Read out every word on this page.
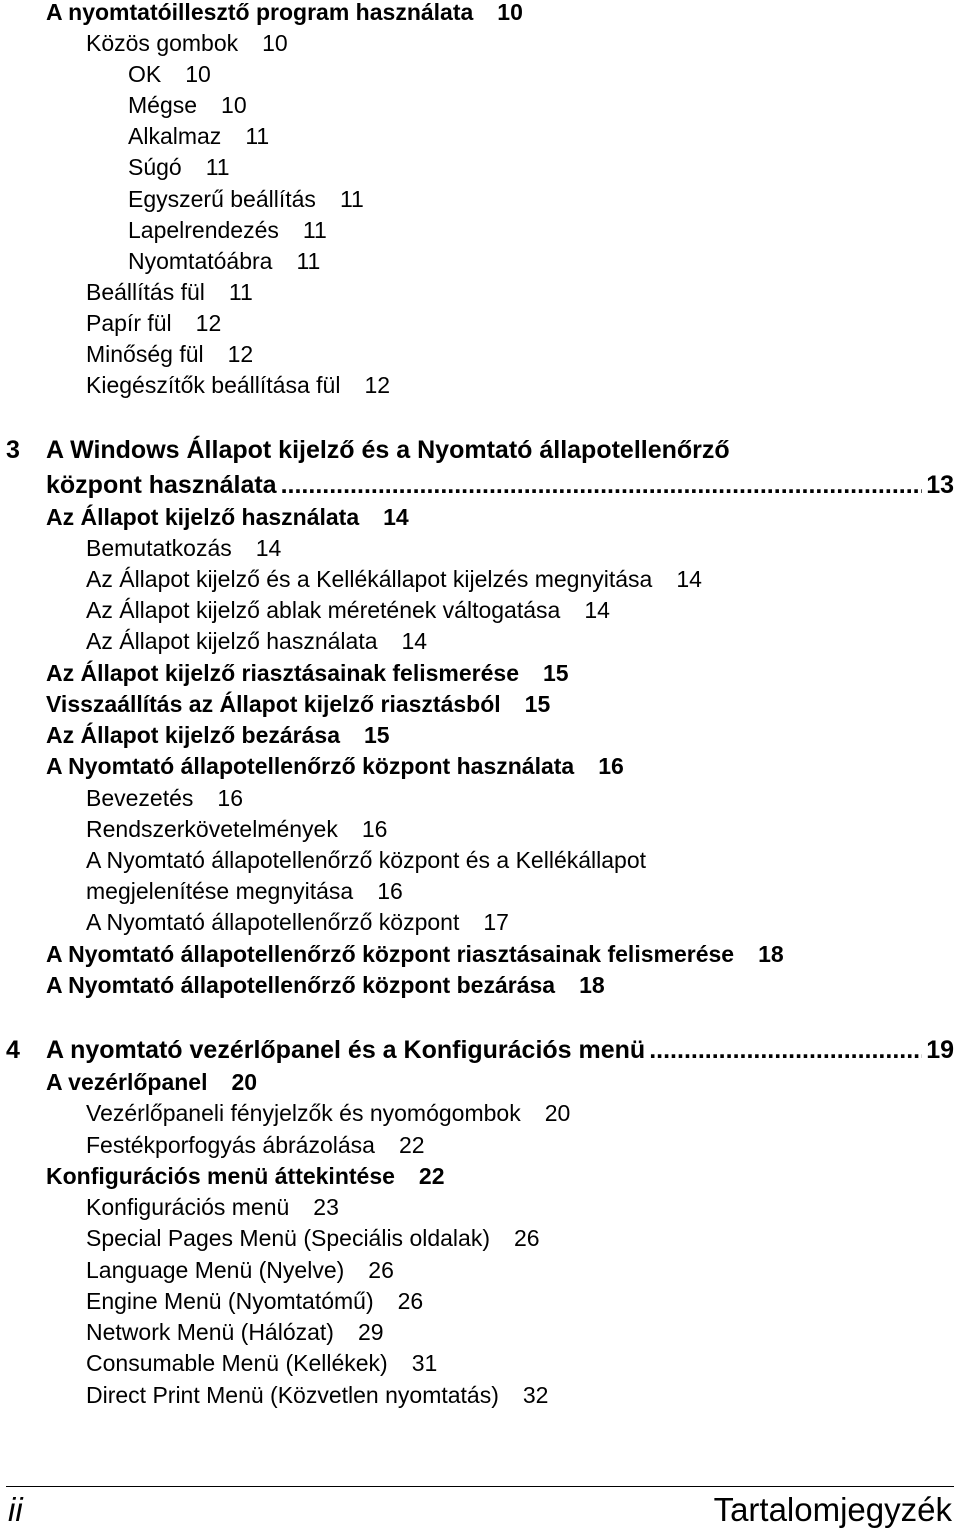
A nyomtatóillesztő program használata 10
Közös gombok 10
OK 10
Mégse 10
Alkalmaz 11
Súgó 11
Egyszerű beállítás 11
Lapelrendezés 11
Nyomtatóábra 11
Beállítás fül 11
Papír fül 12
Minőség fül 12
Kiegészítők beállítása fül 12
3 A Windows Állapot kijelző és a Nyomtató állapotellenőrző
központ használata .....	13
Az Állapot kijelző használata 14
Bemutatkozás 14
Az Állapot kijelző és a Kellékállapot kijelzés megnyitása 14
Az Állapot kijelző ablak méretének váltogatása 14
Az Állapot kijelző használata 14
Az Állapot kijelző riasztásainak felismerése 15
Visszaállítás az Állapot kijelző riasztásból 15
Az Állapot kijelző bezárása 15
A Nyomtató állapotellenőrző központ használata 16
Bevezetés 16
Rendszerkövetelmények 16
A Nyomtató állapotellenőrző központ és a Kellékállapot
megjelenítése megnyitása 16
A Nyomtató állapotellenőrző központ 17
A Nyomtató állapotellenőrző központ riasztásainak felismerése 18
A Nyomtató állapotellenőrző központ bezárása 18
4 A nyomtató vezérlőpanel és a Konfigurációs menü .....	19
A vezérlőpanel 20
Vezérlőpaneli fényjelzők és nyomógombok 20
Festékporfogyás ábrázolása 22
Konfigurációs menü áttekintése 22
Konfigurációs menü 23
Special Pages Menü (Speciális oldalak) 26
Language Menü (Nyelve) 26
Engine Menü (Nyomtatómű) 26
Network Menü (Hálózat) 29
Consumable Menü (Kellékek) 31
Direct Print Menü (Közvetlen nyomtatás) 32
ii	Tartalomjegyzék
